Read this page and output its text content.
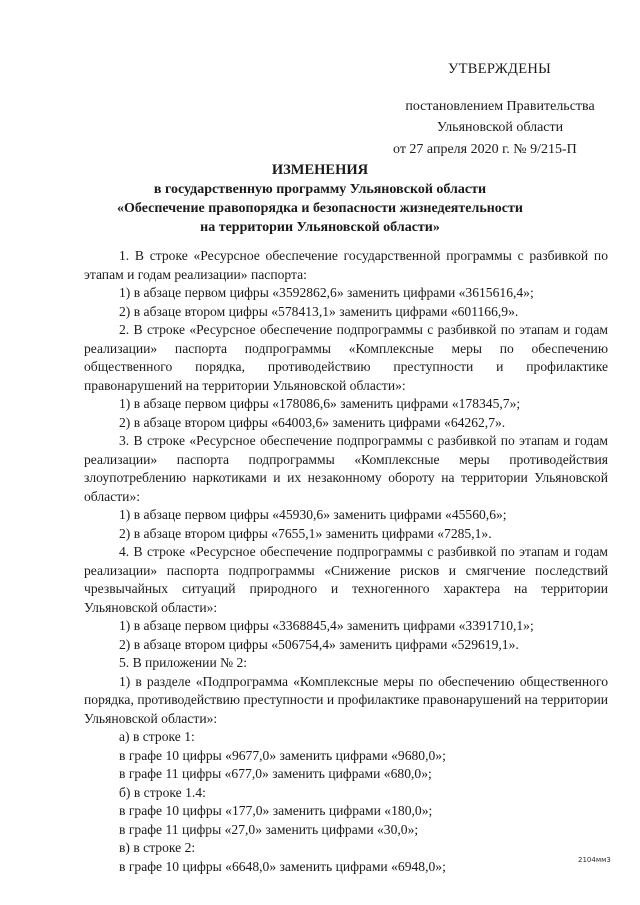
УТВЕРЖДЕНЫ
постановлением Правительства
Ульяновской области
от 27 апреля 2020 г. № 9/215-П
ИЗМЕНЕНИЯ
в государственную программу Ульяновской области
«Обеспечение правопорядка и безопасности жизнедеятельности
на территории Ульяновской области»

1. В строке «Ресурсное обеспечение государственной программы с разбивкой по этапам и годам реализации» паспорта:

1) в абзаце первом цифры «3592862,6» заменить цифрами «3615616,4»;

2) в абзаце втором цифры «578413,1» заменить цифрами «601166,9».

2. В строке «Ресурсное обеспечение подпрограммы с разбивкой по этапам и годам реализации» паспорта подпрограммы «Комплексные меры по обеспечению общественного порядка, противодействию преступности и профилактике правонарушений на территории Ульяновской области»:

1) в абзаце первом цифры «178086,6» заменить цифрами «178345,7»;

2) в абзаце втором цифры «64003,6» заменить цифрами «64262,7».

3. В строке «Ресурсное обеспечение подпрограммы с разбивкой по этапам и годам реализации» паспорта подпрограммы «Комплексные меры противодействия злоупотреблению наркотиками и их незаконному обороту на территории Ульяновской области»:

1) в абзаце первом цифры «45930,6» заменить цифрами «45560,6»;

2) в абзаце втором цифры «7655,1» заменить цифрами «7285,1».

4. В строке «Ресурсное обеспечение подпрограммы с разбивкой по этапам и годам реализации» паспорта подпрограммы «Снижение рисков и смягчение последствий чрезвычайных ситуаций природного и техногенного характера на территории Ульяновской области»:

1) в абзаце первом цифры «3368845,4» заменить цифрами «3391710,1»;

2) в абзаце втором цифры «506754,4» заменить цифрами «529619,1».

5. В приложении № 2:

1) в разделе «Подпрограмма «Комплексные меры по обеспечению общественного порядка, противодействию преступности и профилактике правонарушений на территории Ульяновской области»:

а) в строке 1:

в графе 10 цифры «9677,0» заменить цифрами «9680,0»;

в графе 11 цифры «677,0» заменить цифрами «680,0»;

б) в строке 1.4:

в графе 10 цифры «177,0» заменить цифрами «180,0»;

в графе 11 цифры «27,0» заменить цифрами «30,0»;

в) в строке 2:

в графе 10 цифры «6648,0» заменить цифрами «6948,0»;	2104мм3
